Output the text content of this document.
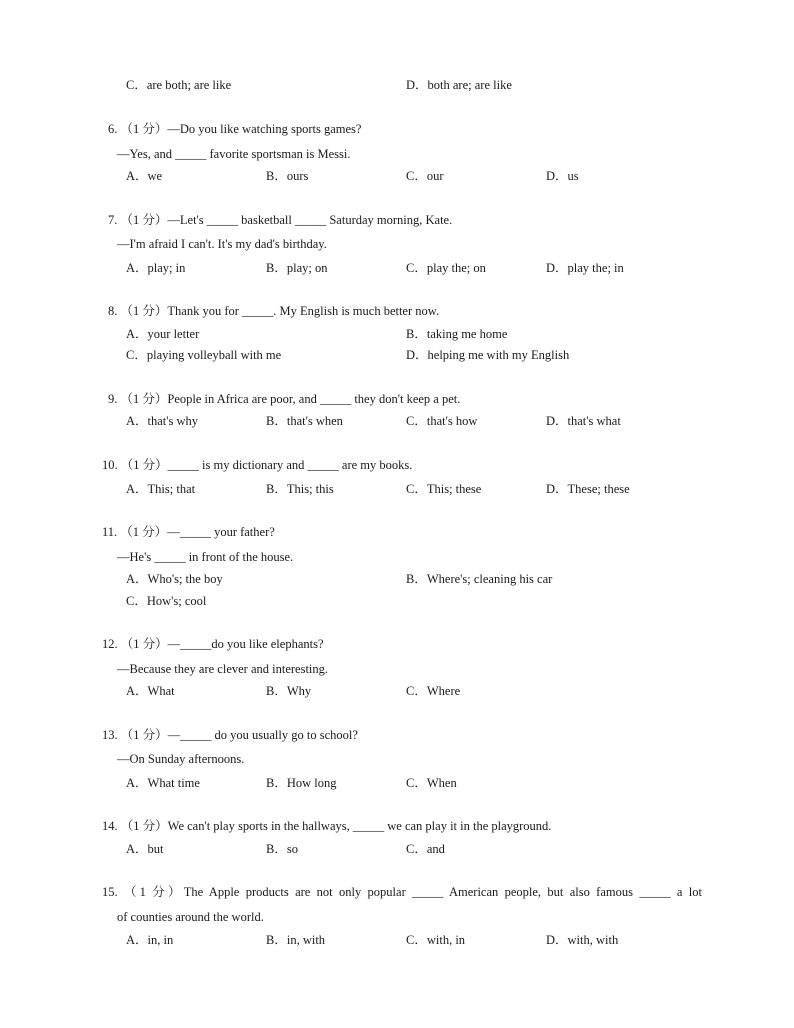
C．are both; are like	D．both are; are like
6. （1 分）—Do you like watching sports games?
—Yes, and _____ favorite sportsman is Messi.
A．we	B．ours	C．our	D．us
7. （1 分）—Let's _____ basketball _____ Saturday morning, Kate.
—I'm afraid I can't. It's my dad's birthday.
A．play; in	B．play; on	C．play the; on	D．play the; in
8. （1 分）Thank you for _____. My English is much better now.
A．your letter	B．taking me home
C．playing volleyball with me	D．helping me with my English
9. （1 分）People in Africa are poor, and _____ they don't keep a pet.
A．that's why	B．that's when	C．that's how	D．that's what
10. （1 分）_____ is my dictionary and _____ are my books.
A．This; that	B．This; this	C．This; these	D．These; these
11. （1 分）—_____ your father?
—He's _____ in front of the house.
A．Who's; the boy	B．Where's; cleaning his car
C．How's; cool
12. （1 分）—_____do you like elephants?
—Because they are clever and interesting.
A．What	B．Why	C．Where
13. （1 分）—_____ do you usually go to school?
—On Sunday afternoons.
A．What time	B．How long	C．When
14. （1 分）We can't play sports in the hallways, _____ we can play it in the playground.
A．but	B．so	C．and
15. （1 分）The Apple products are not only popular _____ American people, but also famous _____ a lot
of counties around the world.
A．in, in	B．in, with	C．with, in	D．with, with
